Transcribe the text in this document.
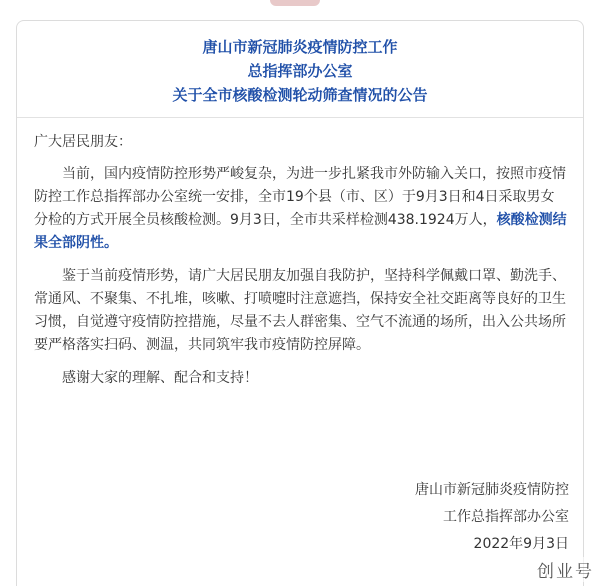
唐山市新冠肺炎疫情防控工作
总指挥部办公室
关于全市核酸检测轮动筛查情况的公告

广大居民朋友：

当前，国内疫情防控形势严峻复杂，为进一步扎紧我市外防输入关口，按照市疫情防控工作总指挥部办公室统一安排，全市19个县（市、区）于9月3日和4日采取男女分检的方式开展全员核酸检测。9月3日，全市共采样检测438.1924万人，核酸检测结果全部阴性。

鉴于当前疫情形势，请广大居民朋友加强自我防护，坚持科学佩戴口罩、勤洗手、常通风、不聚集、不扎堆，咳嗽、打喷嚏时注意遮挡，保持安全社交距离等良好的卫生习惯，自觉遵守疫情防控措施，尽量不去人群密集、空气不流通的场所，出入公共场所要严格落实扫码、测温，共同筑牢我市疫情防控屏障。

感谢大家的理解、配合和支持！

唐山市新冠肺炎疫情防控
工作总指挥部办公室
2022年9月3日
创业号
